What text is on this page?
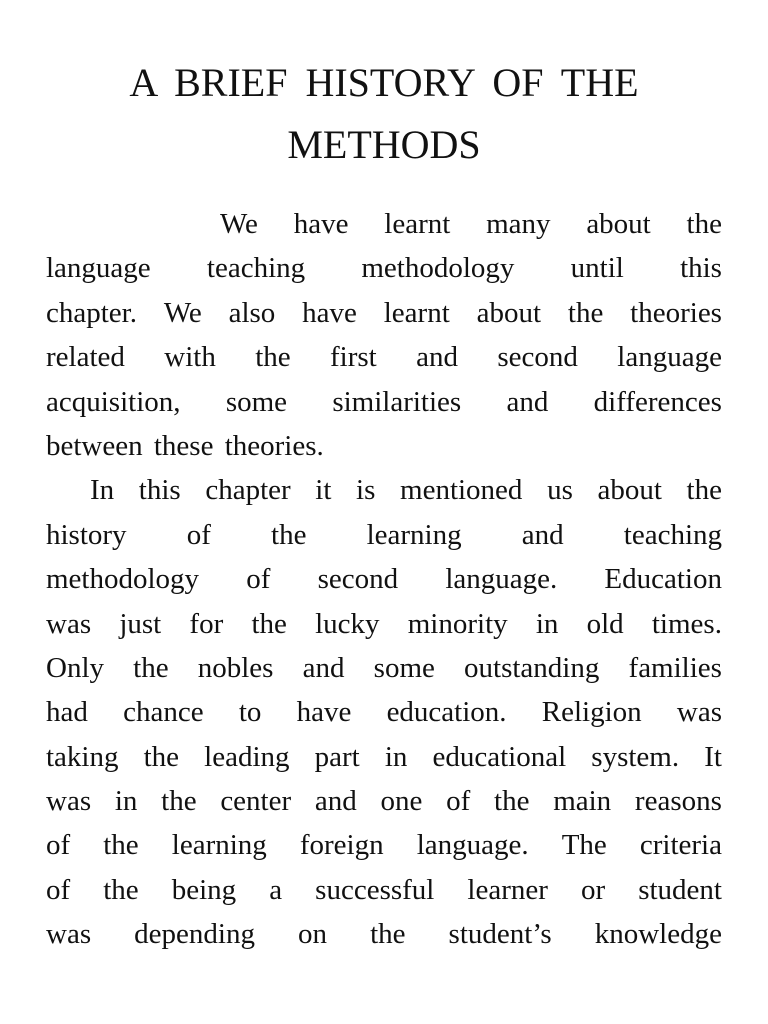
A BRIEF HISTORY OF THE
METHODS
We have learnt many about the
language teaching methodology until this
chapter. We also have learnt about the theories
related with the first and second language
acquisition, some similarities and differences
between these theories.
In this chapter it is mentioned us about the
history of the learning and teaching
methodology of second language. Education
was just for the lucky minority in old times.
Only the nobles and some outstanding families
had chance to have education. Religion was
taking the leading part in educational system. It
was in the center and one of the main reasons
of the learning foreign language. The criteria
of the being a successful learner or student
was depending on the student’s knowledge
